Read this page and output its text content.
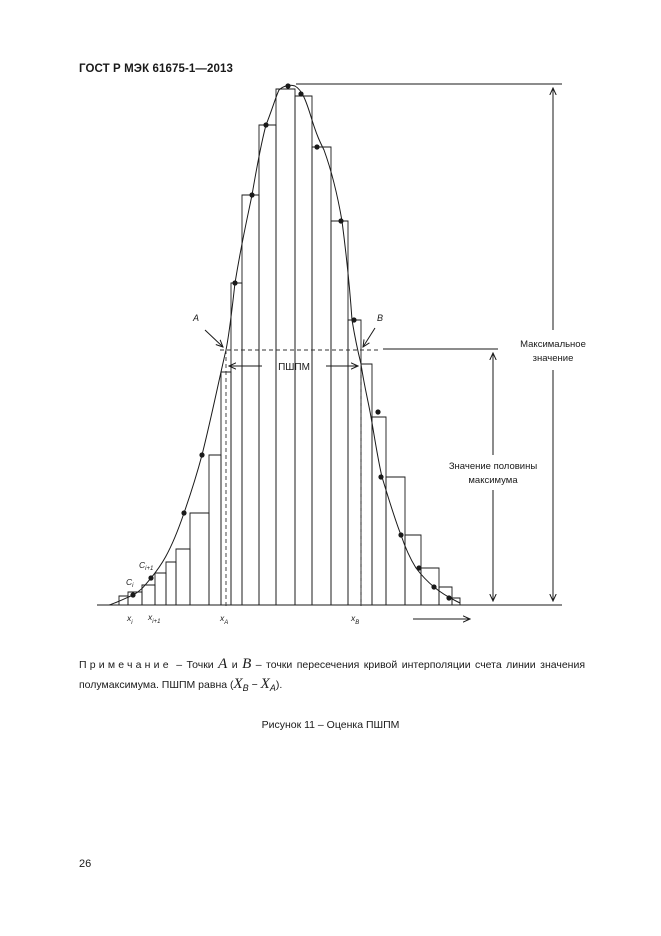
ГОСТ Р МЭК 61675-1—2013
ПШПМ
A	B
Максимальное
значение
Значение половины
максимума
$C_i$
$C_{i+1}$
$x_i$
$x_{i+1}$	$x_A$	$x_B$
Примечание – Точки A и B – точки пересечения кривой интерполяции счета линии значения полумаксимума. ПШПМ равна (XB − XA).
Рисунок 11 – Оценка ПШПМ
26
